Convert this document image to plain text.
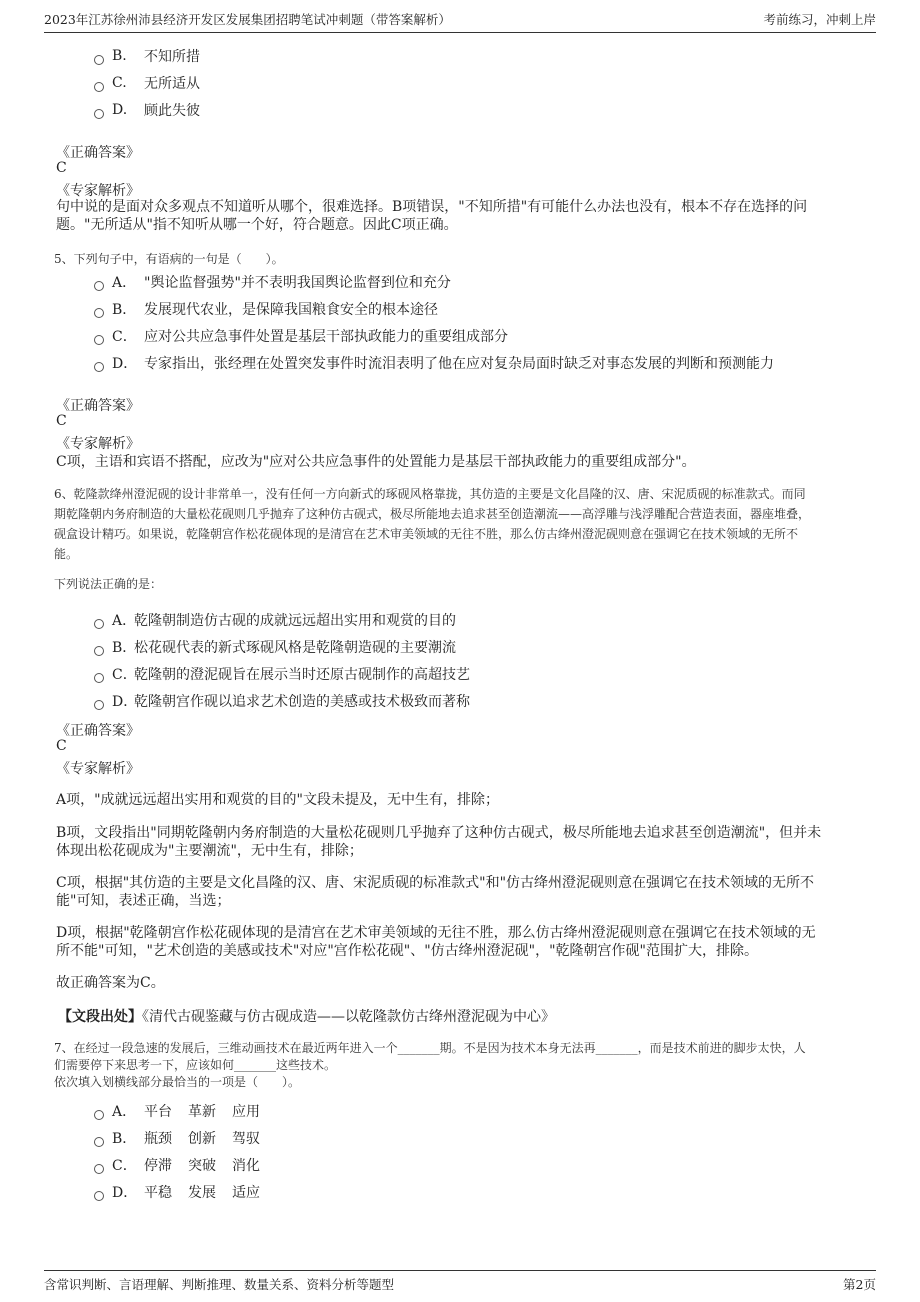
2023年江苏徐州沛县经济开发区发展集团招聘笔试冲刺题（带答案解析）	考前练习，冲刺上岸
B.	不知所措
C.	无所适从
D.	顾此失彼
《正确答案》
C
《专家解析》
句中说的是面对众多观点不知道听从哪个，很难选择。B项错误，"不知所措"有可能什么办法也没有，根本不存在选择的问
题。"无所适从"指不知听从哪一个好，符合题意。因此C项正确。
5、下列句子中，有语病的一句是（　　）。
A． "舆论监督强势"并不表明我国舆论监督到位和充分
B． 发展现代农业，是保障我国粮食安全的根本途径
C． 应对公共应急事件处置是基层干部执政能力的重要组成部分
D． 专家指出，张经理在处置突发事件时流泪表明了他在应对复杂局面时缺乏对事态发展的判断和预测能力
《正确答案》
C
《专家解析》
C项，主语和宾语不搭配，应改为"应对公共应急事件的处置能力是基层干部执政能力的重要组成部分"。
6、乾隆款绛州澄泥砚的设计非常单一，没有任何一方向新式的琢砚风格靠拢，其仿造的主要是文化昌隆的汉、唐、宋泥质砚的标准款式。而同
期乾隆朝内务府制造的大量松花砚则几乎抛弃了这种仿古砚式，极尽所能地去追求甚至创造潮流——高浮雕与浅浮雕配合营造表面，器座堆叠，
砚盒设计精巧。如果说，乾隆朝宫作松花砚体现的是清宫在艺术审美领域的无往不胜，那么仿古绛州澄泥砚则意在强调它在技术领域的无所不
能。
下列说法正确的是：
A．
乾隆朝制造仿古砚的成就远远超出实用和观赏的目的
B．
松花砚代表的新式琢砚风格是乾隆朝造砚的主要潮流
C．
乾隆朝的澄泥砚旨在展示当时还原古砚制作的高超技艺
D．
乾隆朝宫作砚以追求艺术创造的美感或技术极致而著称
《正确答案》
C
《专家解析》
A项，"成就远远超出实用和观赏的目的"文段未提及，无中生有，排除；
B项，文段指出"同期乾隆朝内务府制造的大量松花砚则几乎抛弃了这种仿古砚式，极尽所能地去追求甚至创造潮流"，但并未
体现出松花砚成为"主要潮流"，无中生有，排除；
C项，根据"其仿造的主要是文化昌隆的汉、唐、宋泥质砚的标准款式"和"仿古绛州澄泥砚则意在强调它在技术领域的无所不
能"可知，表述正确，当选；
D项，根据"乾隆朝宫作松花砚体现的是清宫在艺术审美领域的无往不胜，那么仿古绛州澄泥砚则意在强调它在技术领域的无
所不能"可知，"艺术创造的美感或技术"对应"宫作松花砚"、"仿古绛州澄泥砚"，"乾隆朝宫作砚"范围扩大，排除。
故正确答案为C。
【文段出处】《清代古砚鉴藏与仿古砚成造——以乾隆款仿古绛州澄泥砚为中心》
7、在经过一段急速的发展后，三维动画技术在最近两年进入一个_______期。不是因为技术本身无法再_______，而是技术前进的脚步太快，人
们需要停下来思考一下，应该如何_______这些技术。
依次填入划横线部分最恰当的一项是（　　）。
A． 平台 革新 应用
B． 瓶颈 创新 驾驭
C． 停滞 突破 消化
D． 平稳 发展 适应
含常识判断、言语理解、判断推理、数量关系、资料分析等题型	第2页
